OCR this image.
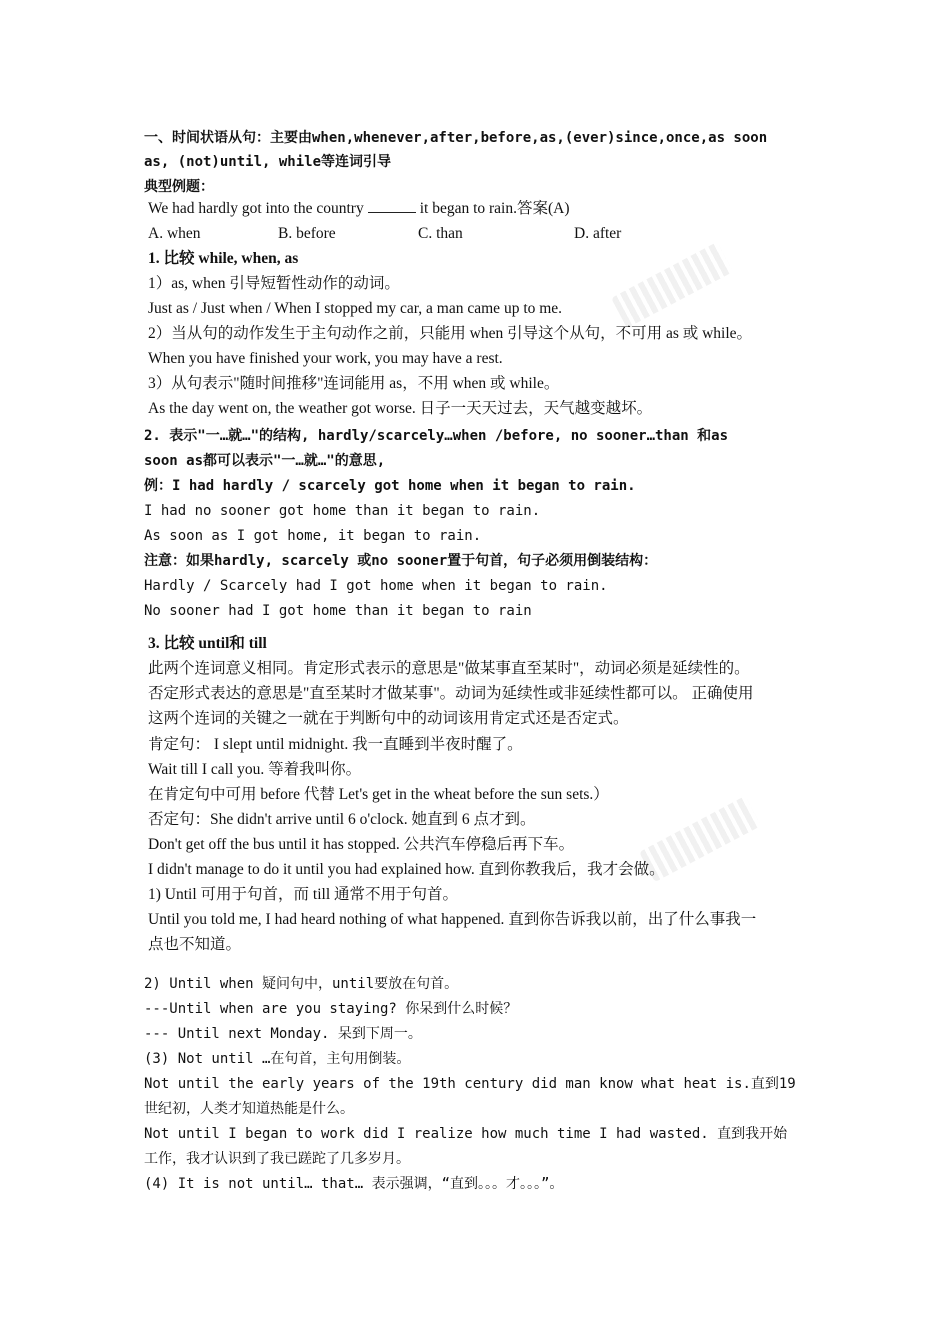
一、时间状语从句：主要由when,whenever,after,before,as,(ever)since,once,as soon
as, (not)until, while等连词引导
典型例题：
We had hardly got into the country	it began to rain.答案(A)
A. when	B. before	C. than	D. after
1. 比较 while, when, as
1）as, when 引导短暂性动作的动词。
Just as / Just when / When I stopped my car, a man came up to me.
2）当从句的动作发生于主句动作之前，只能用 when 引导这个从句，不可用 as 或 while。
When you have finished your work, you may have a rest.
3）从句表示"随时间推移"连词能用 as，不用 when 或 while。
As the day went on, the weather got worse. 日子一天天过去，天气越变越坏。
2. 表示"一…就…"的结构, hardly/scarcely…when /before, no sooner…than 和as
soon as都可以表示"一…就…"的意思,
例：I had hardly / scarcely got home when it began to rain.
I had no sooner got home than it began to rain.
As soon as I got home, it began to rain.
注意：如果hardly, scarcely 或no sooner置于句首，句子必须用倒装结构：
Hardly / Scarcely had I got home when it began to rain.
No sooner had I got home than it began to rain
3. 比较 until和 till
此两个连词意义相同。肯定形式表示的意思是"做某事直至某时"，动词必须是延续性的。
否定形式表达的意思是"直至某时才做某事"。动词为延续性或非延续性都可以。 正确使用
这两个连词的关键之一就在于判断句中的动词该用肯定式还是否定式。
肯定句： I slept until midnight. 我一直睡到半夜时醒了。
Wait till I call you. 等着我叫你。
在肯定句中可用 before 代替 Let's get in the wheat before the sun sets.）
否定句：She didn't arrive until 6 o'clock. 她直到 6 点才到。
Don't get off the bus until it has stopped. 公共汽车停稳后再下车。
I didn't manage to do it until you had explained how. 直到你教我后，我才会做。
1) Until 可用于句首，而 till 通常不用于句首。
Until you told me, I had heard nothing of what happened. 直到你告诉我以前，出了什么事我一
点也不知道。
2) Until when 疑问句中，until要放在句首。
---Until when are you staying? 你呆到什么时候？
--- Until next Monday. 呆到下周一。
(3) Not until …在句首，主句用倒装。
Not until the early years of the 19th century did man know what heat is.直到19
世纪初，人类才知道热能是什么。
Not until I began to work did I realize how much time I had wasted. 直到我开始
工作，我才认识到了我已蹉跎了几多岁月。
(4) It is not until… that… 表示强调，“直到。。。才。。。”。
